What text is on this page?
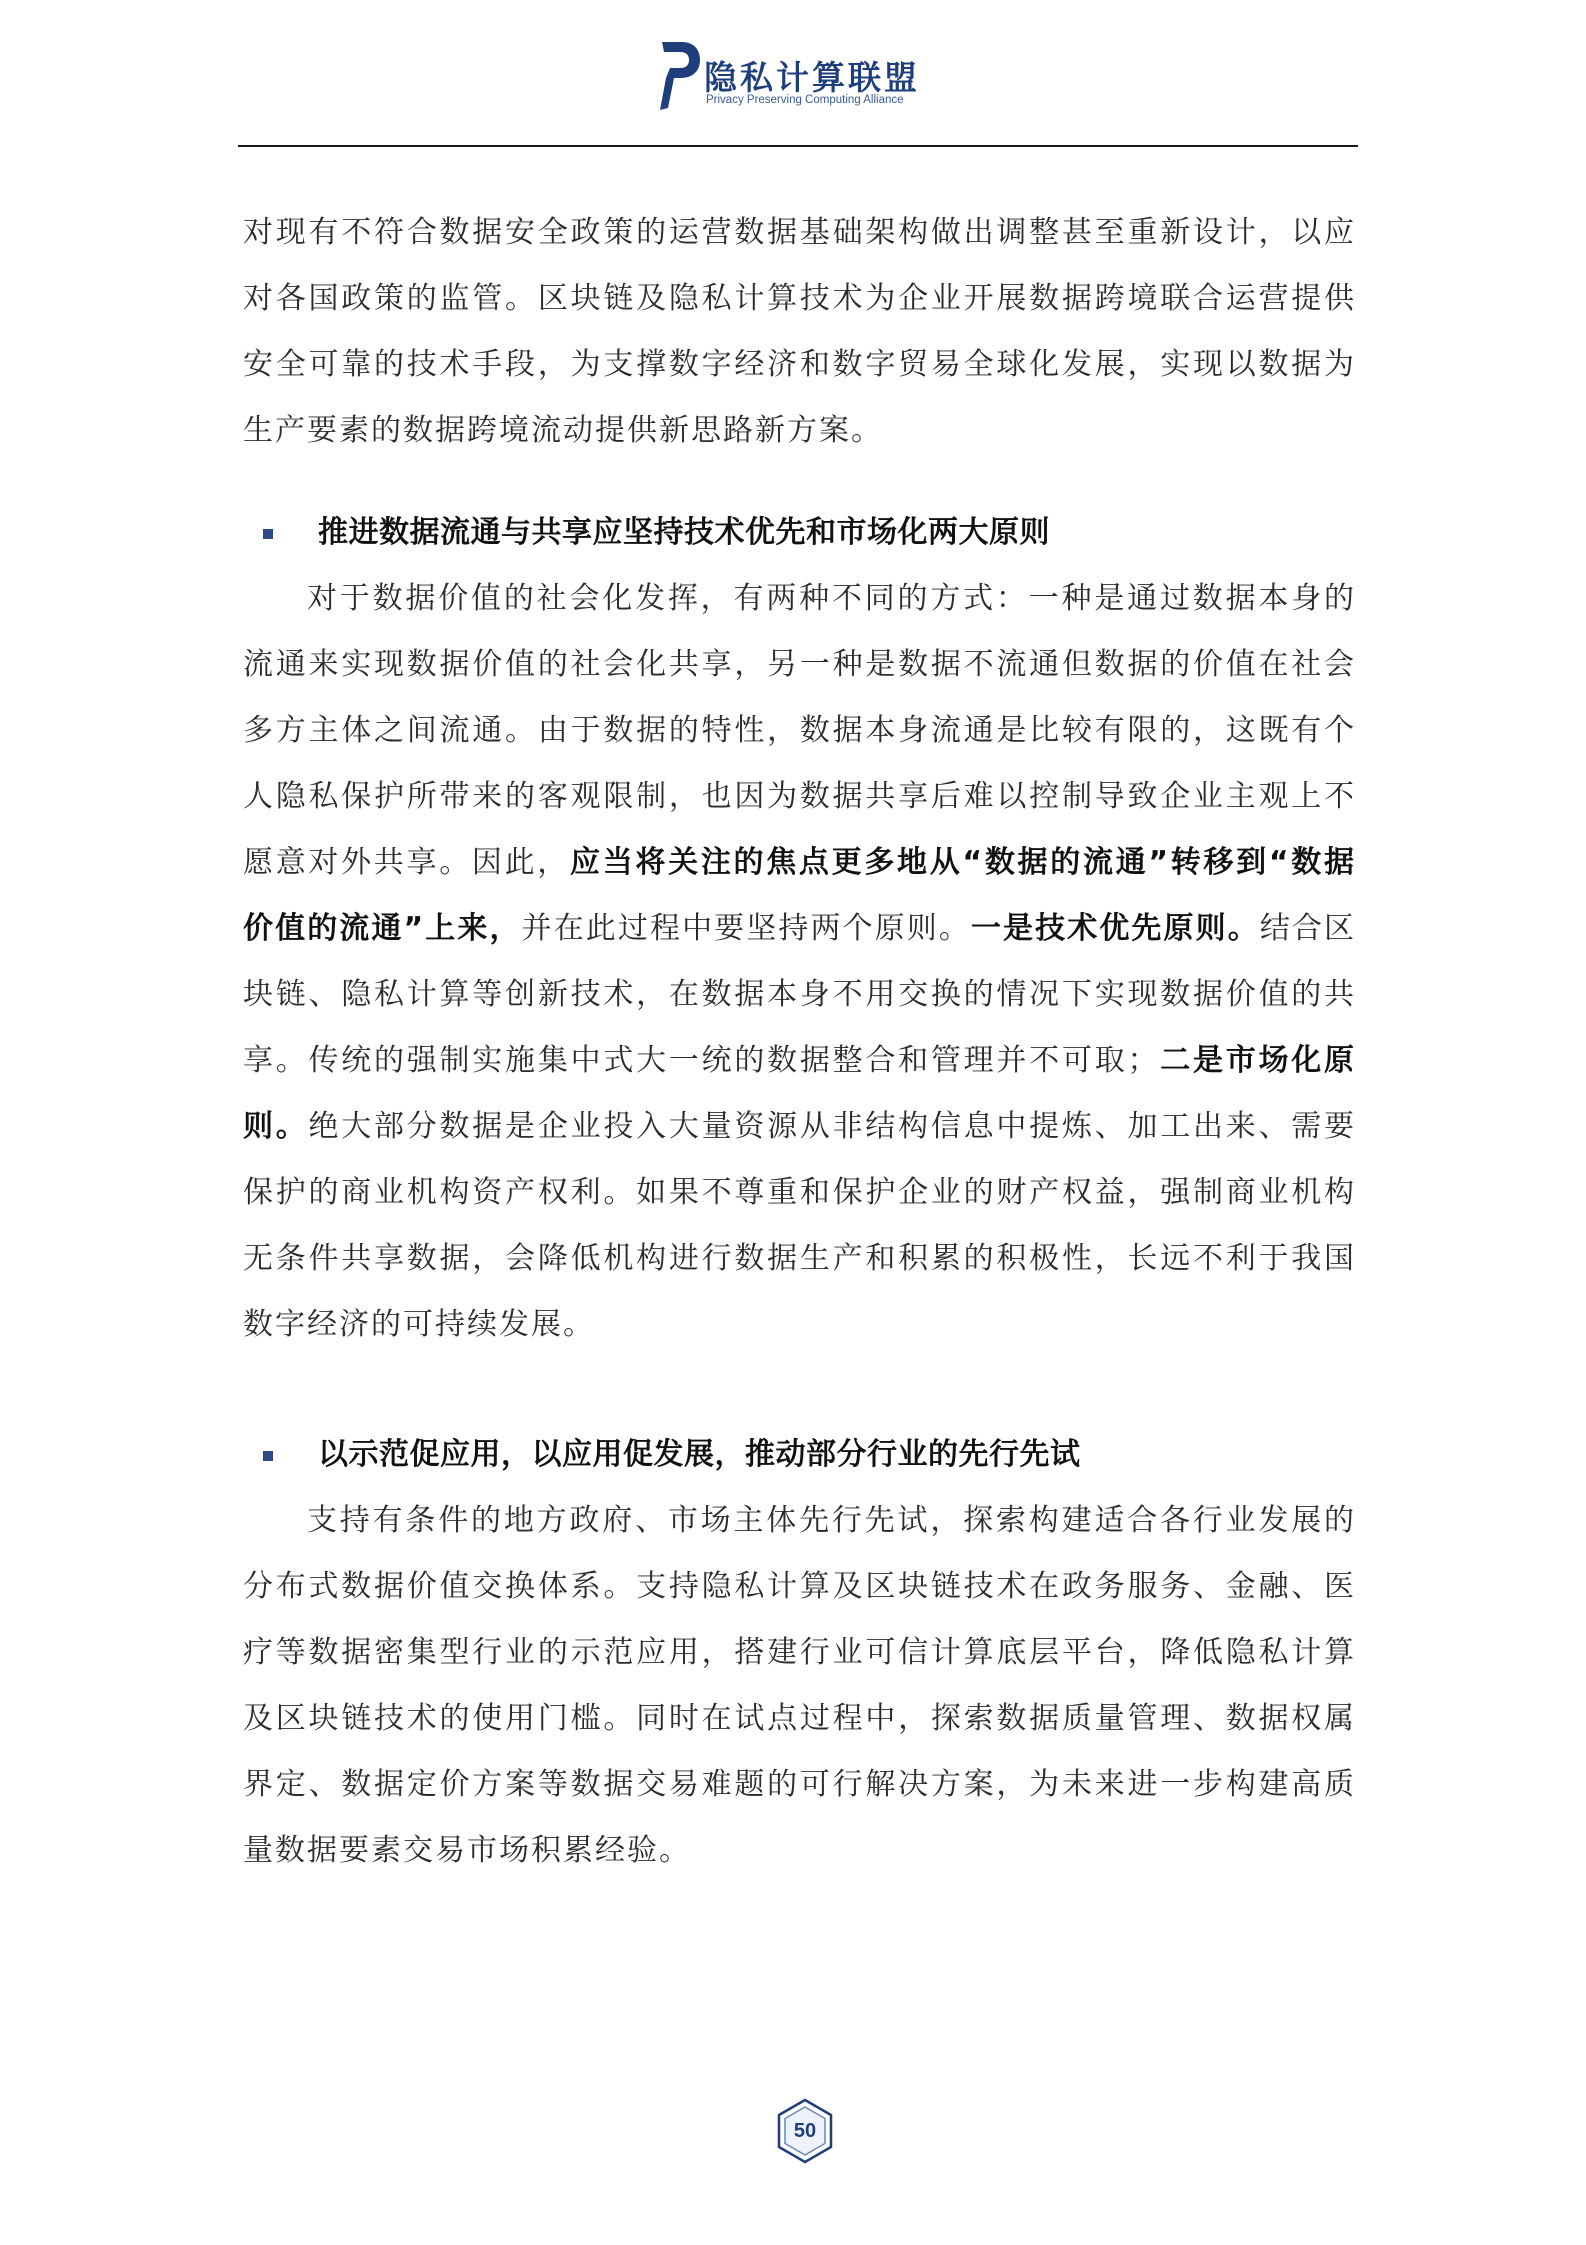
隐私计算联盟
Privacy Preserving Computing Alliance

对现有不符合数据安全政策的运营数据基础架构做出调整甚至重新设计，以应对各国政策的监管。区块链及隐私计算技术为企业开展数据跨境联合运营提供安全可靠的技术手段，为支撑数字经济和数字贸易全球化发展，实现以数据为生产要素的数据跨境流动提供新思路新方案。

推进数据流通与共享应坚持技术优先和市场化两大原则

对于数据价值的社会化发挥，有两种不同的方式：一种是通过数据本身的流通来实现数据价值的社会化共享，另一种是数据不流通但数据的价值在社会多方主体之间流通。由于数据的特性，数据本身流通是比较有限的，这既有个人隐私保护所带来的客观限制，也因为数据共享后难以控制导致企业主观上不愿意对外共享。因此，应当将关注的焦点更多地从“数据的流通”转移到“数据价值的流通”上来，并在此过程中要坚持两个原则。一是技术优先原则。结合区块链、隐私计算等创新技术，在数据本身不用交换的情况下实现数据价值的共享。传统的强制实施集中式大一统的数据整合和管理并不可取；二是市场化原则。绝大部分数据是企业投入大量资源从非结构信息中提炼、加工出来、需要保护的商业机构资产权利。如果不尊重和保护企业的财产权益，强制商业机构无条件共享数据，会降低机构进行数据生产和积累的积极性，长远不利于我国数字经济的可持续发展。

以示范促应用，以应用促发展，推动部分行业的先行先试

支持有条件的地方政府、市场主体先行先试，探索构建适合各行业发展的分布式数据价值交换体系。支持隐私计算及区块链技术在政务服务、金融、医疗等数据密集型行业的示范应用，搭建行业可信计算底层平台，降低隐私计算及区块链技术的使用门槛。同时在试点过程中，探索数据质量管理、数据权属界定、数据定价方案等数据交易难题的可行解决方案，为未来进一步构建高质量数据要素交易市场积累经验。

50
